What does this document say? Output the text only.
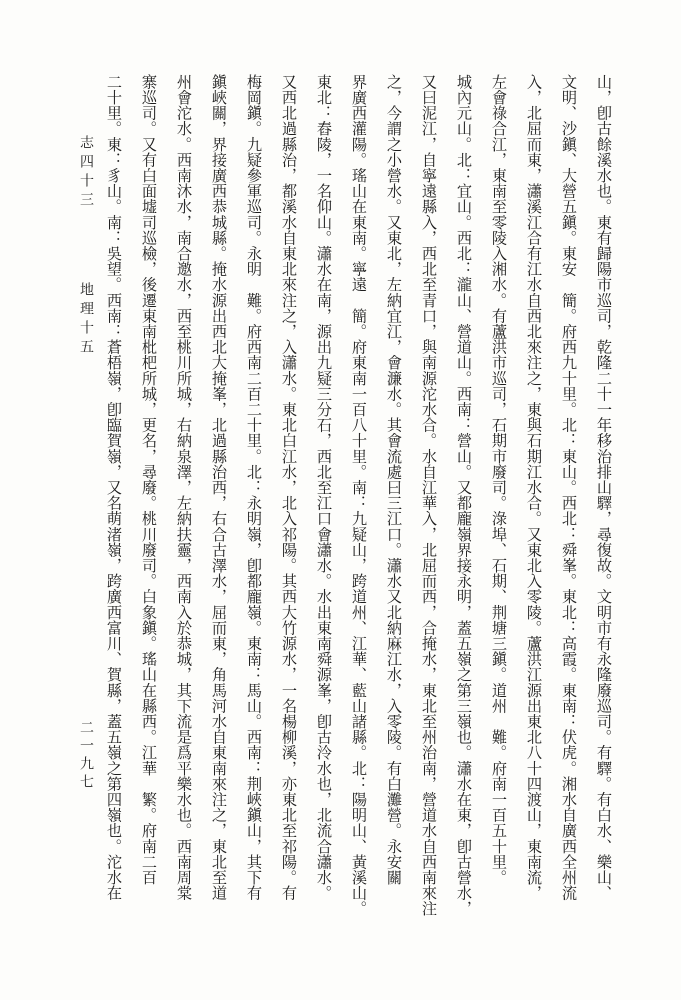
志四十三
地理十五
二一九七	山，卽古餘溪水也。東有歸陽市巡司，乾隆二十一年移治排山驛，尋復故。文明市有永隆廢巡司。有驛。有白水、樂山、
文明、沙鎭、大營五鎭。東安　簡。府西九十里。北：東山。西北：舜峯。東北：高霞。東南：伏虎。湘水自廣西全州流
入，北屈而東，瀟溪江合有江水自西北來注之，東與石期江水合。又東北入零陵。蘆洪江源出東北八十四渡山，東南流，
左會祿合江，東南至零陵入湘水。有蘆洪市巡司，石期市廢司。淥埠、石期、荆塘三鎭。道州　難。府南一百五十里。
城內元山。北：宜山。西北：瀧山、營道山。西南：營山。又都龐嶺界接永明，蓋五嶺之第三嶺也。瀟水在東，卽古營水，
又曰泥江，自寧遠縣入，西北至青口，與南源沱水合。水自江華入，北屈而西，合掩水，東北至州治南，營道水自西南來注
之，今謂之小營水。又東北，左納宜江，會濂水。其會流處曰三江口。瀟水又北納麻江水，入零陵。有白灘營。永安關
界廣西灌陽。瑤山在東南。寧遠　簡。府東南一百八十里。南：九疑山，跨道州、江華、藍山諸縣。北：陽明山、黃溪山。
東北：舂陵，一名仰山。瀟水在南，源出九疑三分石，西北至江口會瀟水。水出東南舜源峯，卽古泠水也，北流合瀟水。
又西北過縣治，都溪水自東北來注之，入瀟水。東北白江水，北入祁陽。其西大竹源水，一名楊柳溪，亦東北至祁陽。有
梅岡鎭。九疑參軍巡司。永明　難。府西南二百二十里。北：永明嶺，卽都龐嶺。東南：馬山。西南：荆峽鎭山，其下有
鎭峽關，界接廣西恭城縣。掩水源出西北大掩峯，北過縣治西，右合古澤水，屈而東，角馬河水自東南來注之，東北至道
州會沱水。西南沐水，南合邀水，西至桃川所城，右納泉澤，左納扶靈，西南入於恭城，其下流是爲平樂水也。西南周棠
寨巡司。又有白面墟司巡檢，後遷東南枇杷所城，更名，尋廢。桃川廢司。白象鎭。瑤山在縣西。江華　繁。府南二百
二十里。東：豸山。南：吳望。西南：蒼梧嶺，卽臨賀嶺，又名萌渚嶺，跨廣西富川、賀縣，蓋五嶺之第四嶺也。沱水在
